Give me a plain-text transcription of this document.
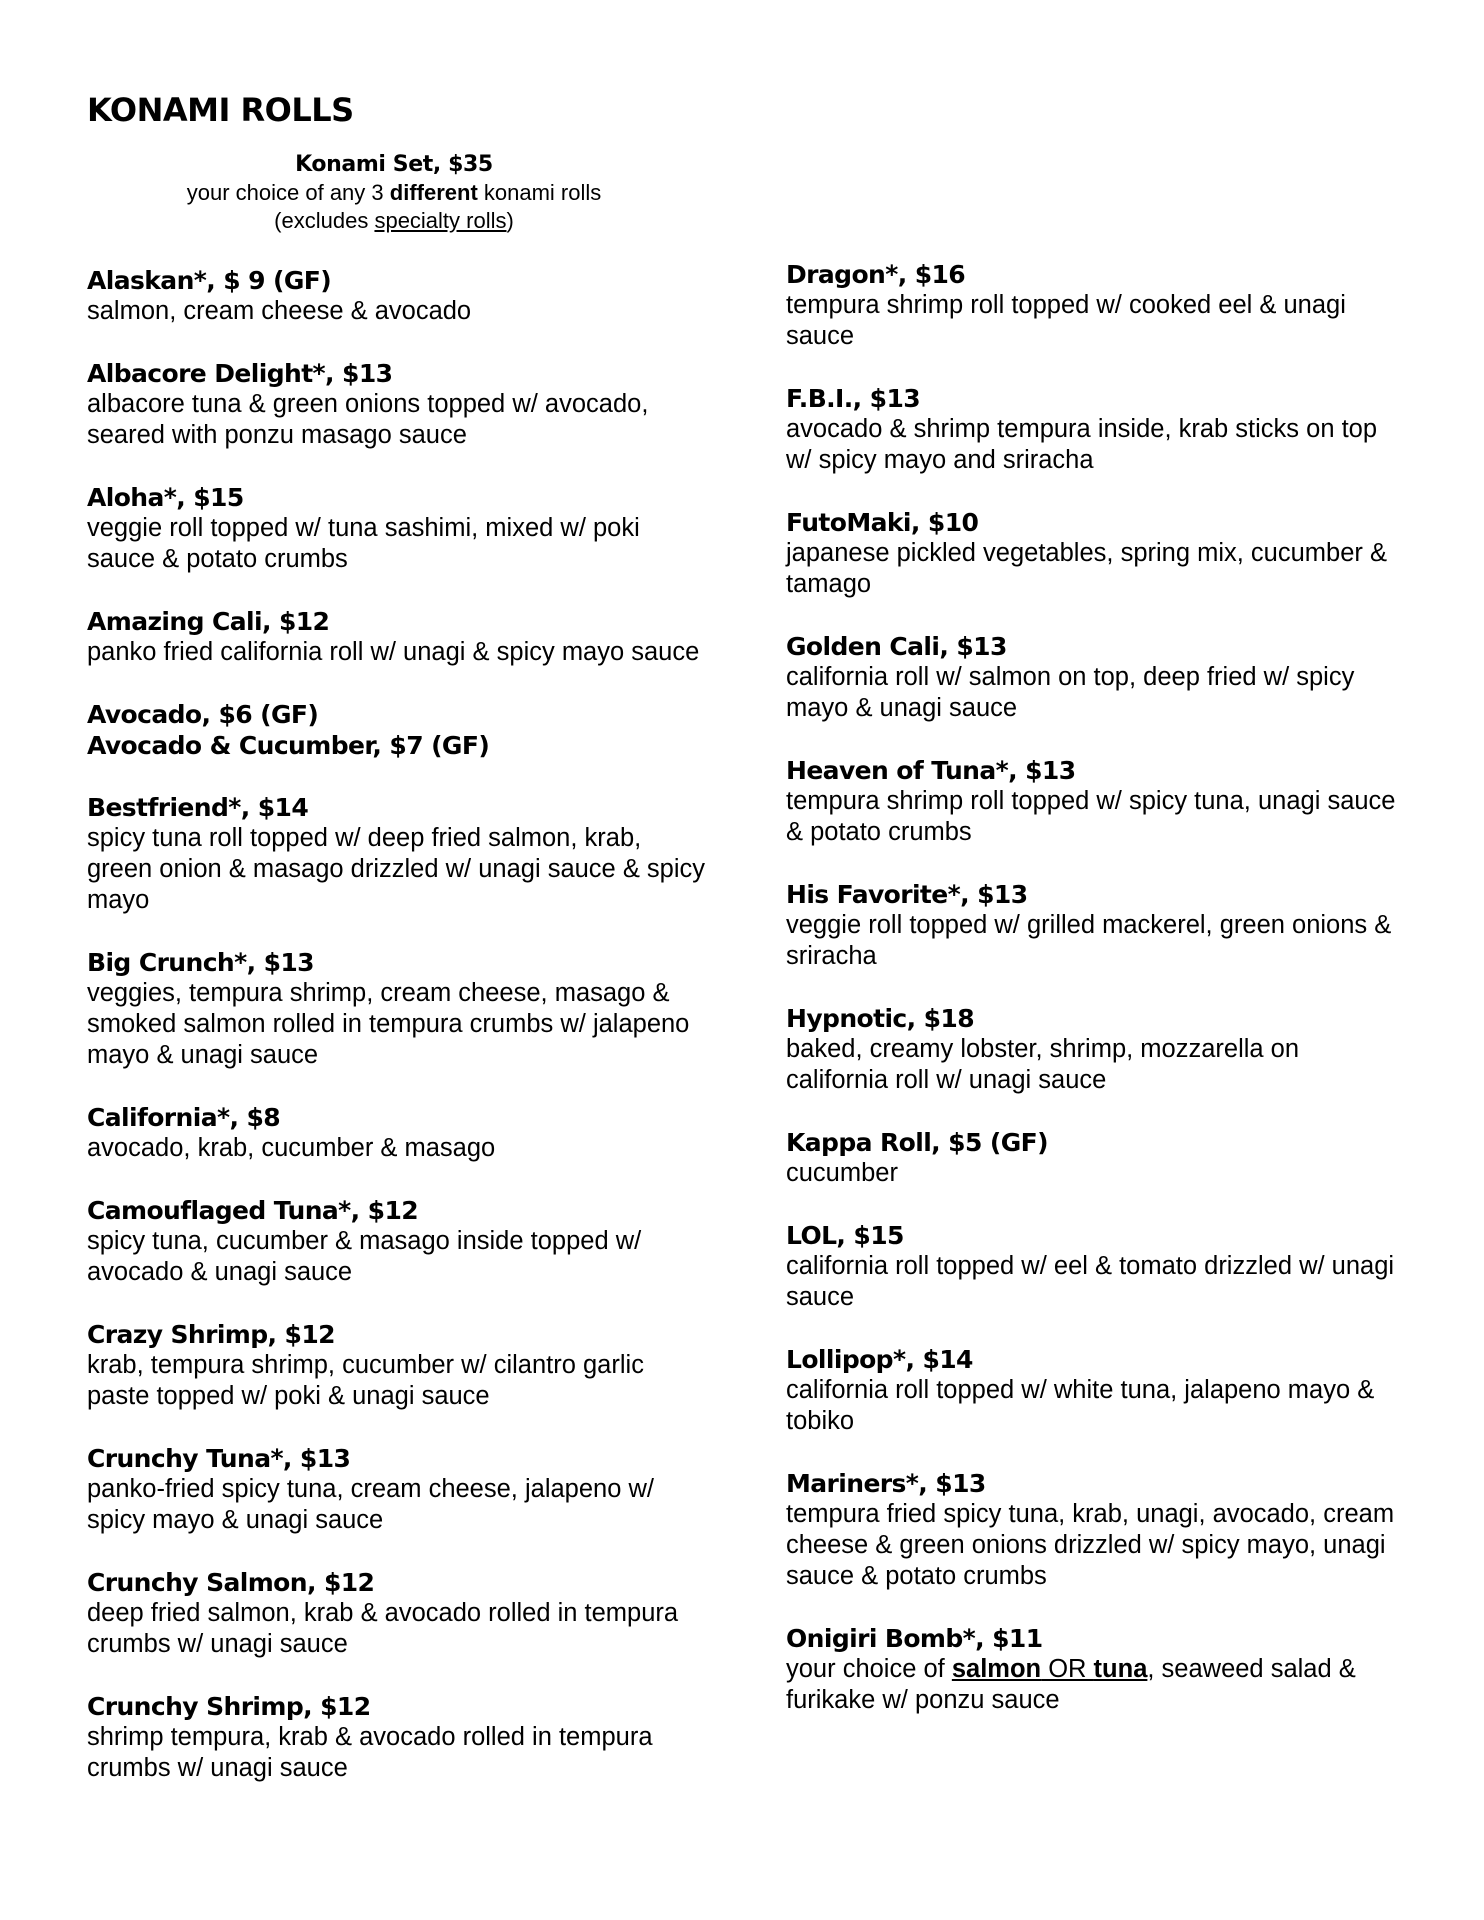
KONAMI ROLLS
Konami Set, $35
your choice of any 3 different konami rolls
(excludes specialty rolls)
Alaskan*, $ 9 (GF)
salmon, cream cheese & avocado
Albacore Delight*, $13
albacore tuna & green onions topped w/ avocado, seared with ponzu masago sauce
Aloha*, $15
veggie roll topped w/ tuna sashimi, mixed w/ poki sauce & potato crumbs
Amazing Cali, $12
panko fried california roll w/ unagi & spicy mayo sauce
Avocado, $6 (GF)
Avocado & Cucumber, $7 (GF)
Bestfriend*, $14
spicy tuna roll topped w/ deep fried salmon, krab, green onion & masago drizzled w/ unagi sauce & spicy mayo
Big Crunch*, $13
veggies, tempura shrimp, cream cheese, masago & smoked salmon rolled in tempura crumbs w/ jalapeno mayo & unagi sauce
California*, $8
avocado, krab, cucumber & masago
Camouflaged Tuna*, $12
spicy tuna, cucumber & masago inside topped w/ avocado & unagi sauce
Crazy Shrimp, $12
krab, tempura shrimp, cucumber w/ cilantro garlic paste topped w/ poki & unagi sauce
Crunchy Tuna*, $13
panko-fried spicy tuna, cream cheese, jalapeno w/ spicy mayo & unagi sauce
Crunchy Salmon, $12
deep fried salmon, krab & avocado rolled in tempura crumbs w/ unagi sauce
Crunchy Shrimp, $12
shrimp tempura, krab & avocado rolled in tempura crumbs w/ unagi sauce
Dragon*, $16
tempura shrimp roll topped w/ cooked eel & unagi sauce
F.B.I., $13
avocado & shrimp tempura inside, krab sticks on top w/ spicy mayo and sriracha
FutoMaki, $10
japanese pickled vegetables, spring mix, cucumber & tamago
Golden Cali, $13
california roll w/ salmon on top, deep fried w/ spicy mayo & unagi sauce
Heaven of Tuna*, $13
tempura shrimp roll topped w/ spicy tuna, unagi sauce & potato crumbs
His Favorite*, $13
veggie roll topped w/ grilled mackerel, green onions & sriracha
Hypnotic, $18
baked, creamy lobster, shrimp, mozzarella on california roll w/ unagi sauce
Kappa Roll, $5 (GF)
cucumber
LOL, $15
california roll topped w/ eel & tomato drizzled w/ unagi sauce
Lollipop*, $14
california roll topped w/ white tuna, jalapeno mayo & tobiko
Mariners*, $13
tempura fried spicy tuna, krab, unagi, avocado, cream cheese & green onions drizzled w/ spicy mayo, unagi sauce & potato crumbs
Onigiri Bomb*, $11
your choice of salmon OR tuna, seaweed salad & furikake w/ ponzu sauce
